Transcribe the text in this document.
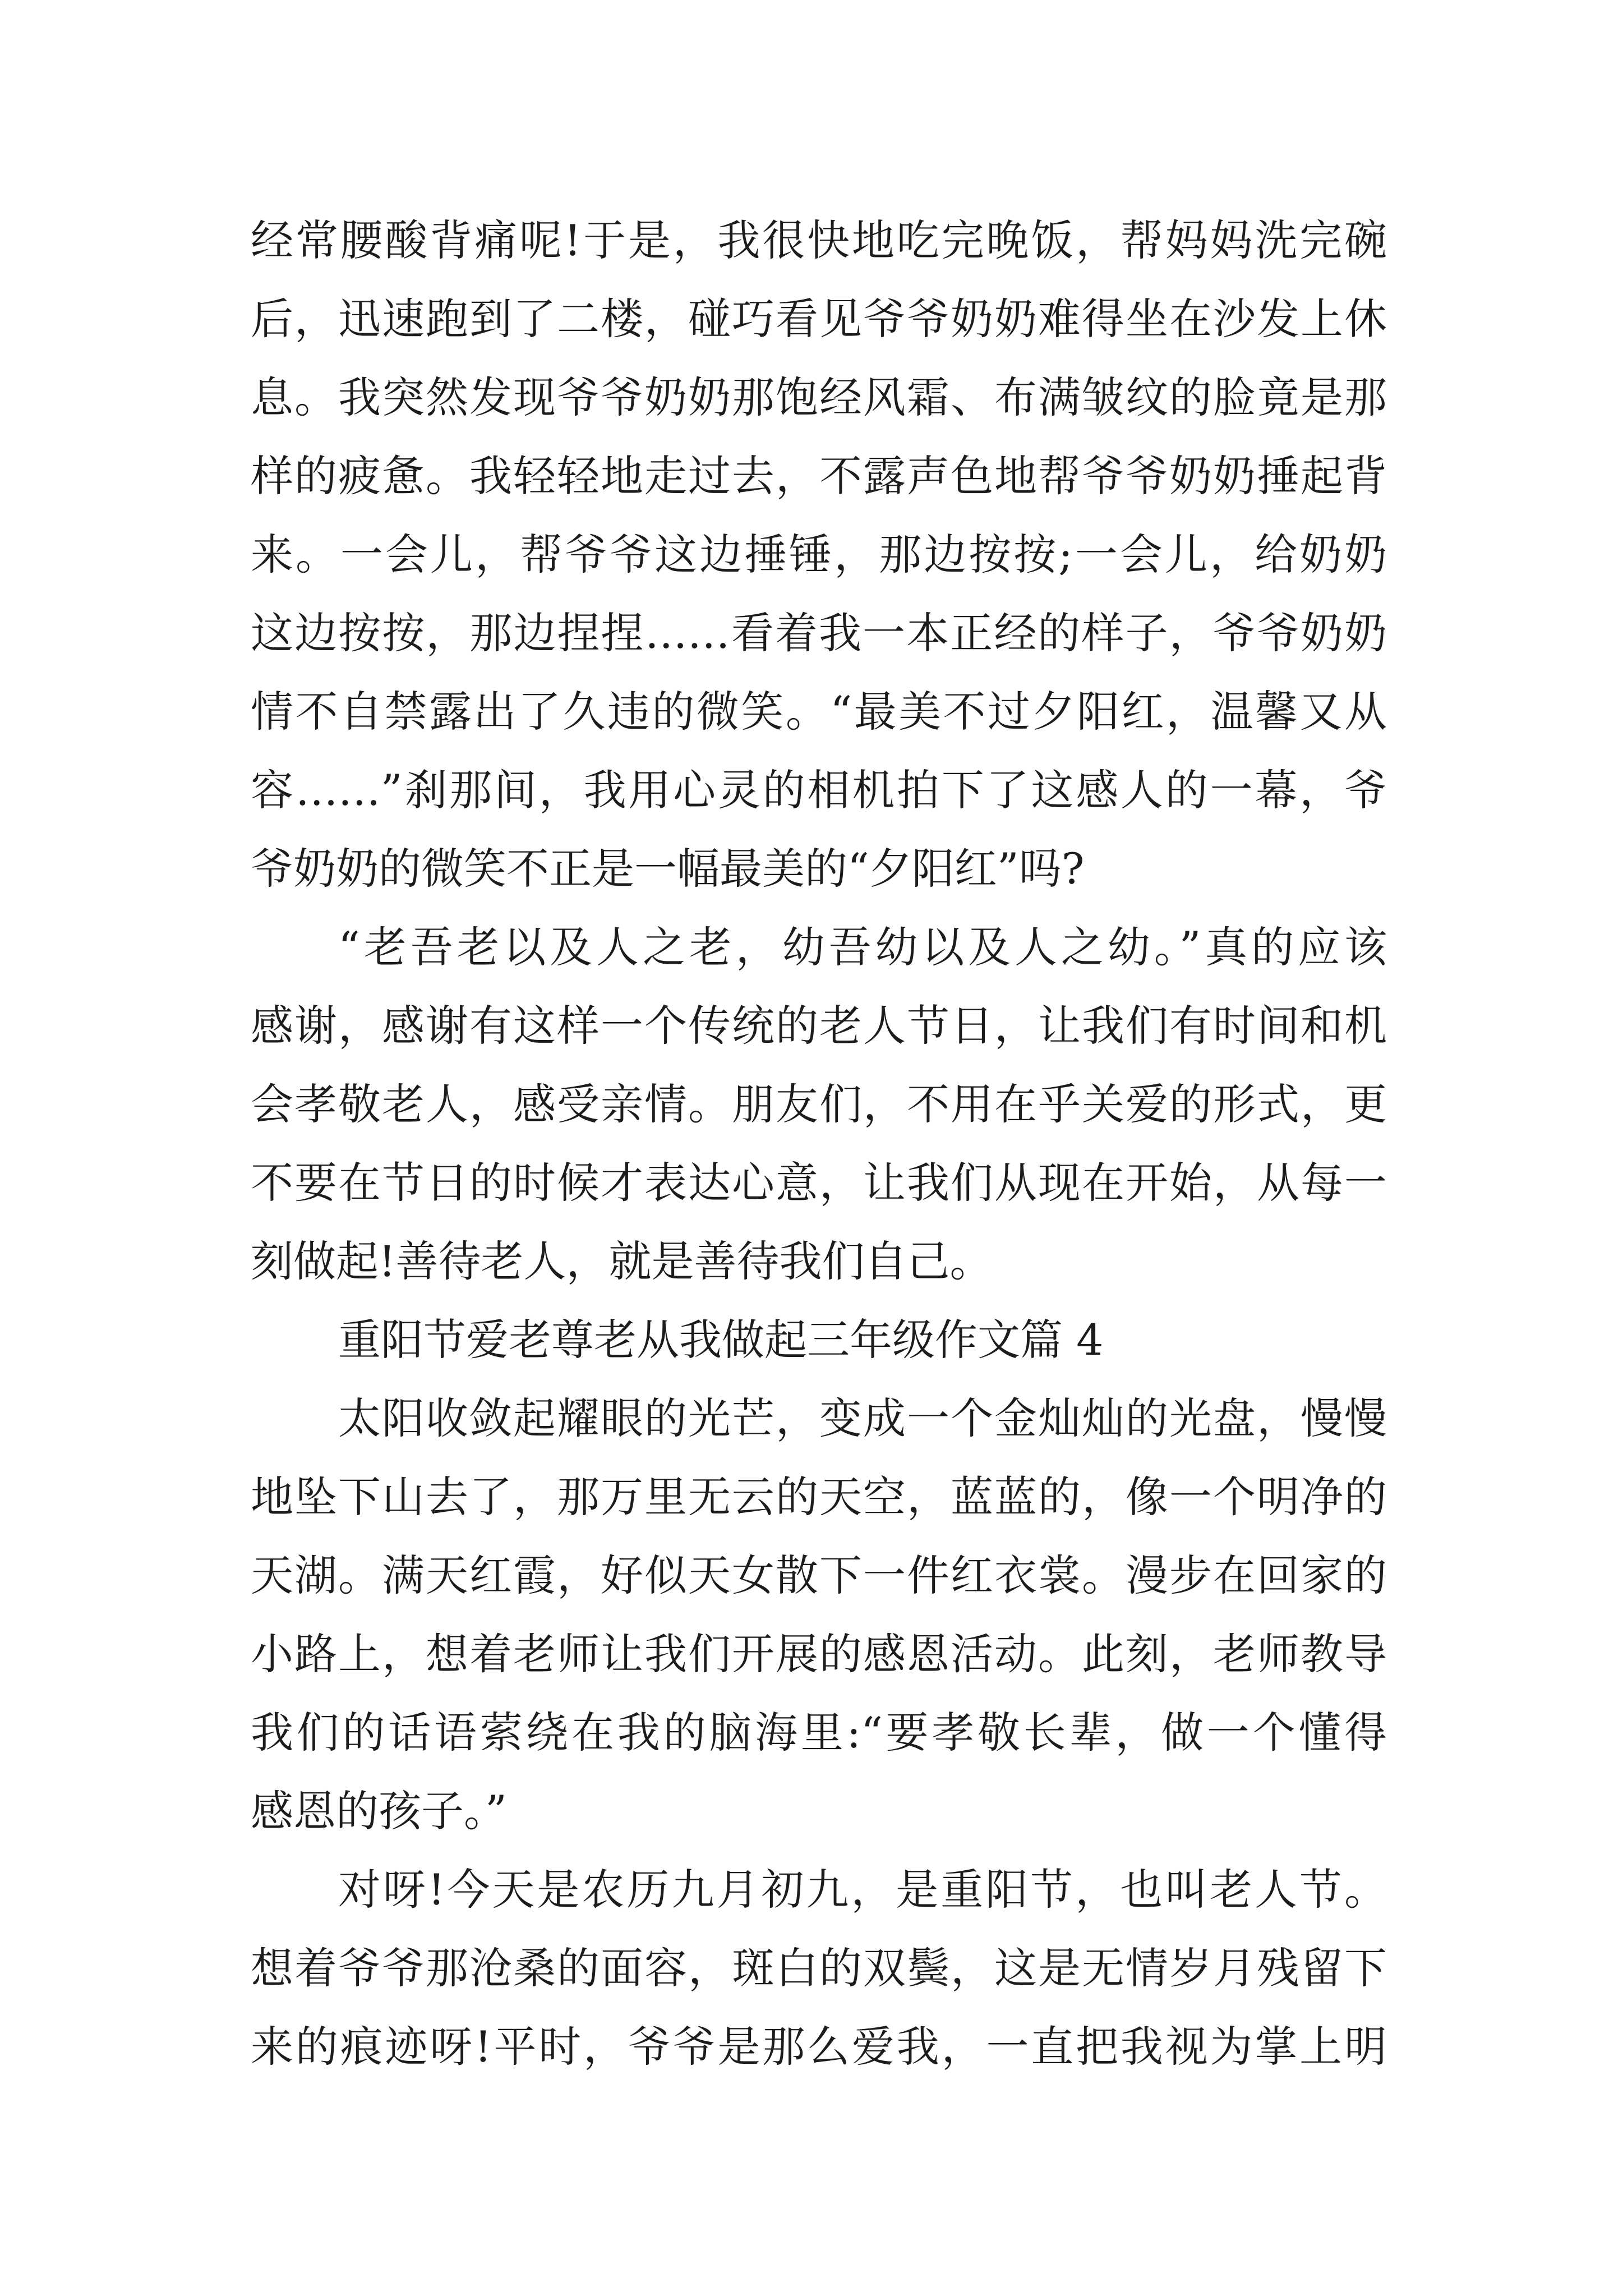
经常腰酸背痛呢!于是，我很快地吃完晚饭，帮妈妈洗完碗
后，迅速跑到了二楼，碰巧看见爷爷奶奶难得坐在沙发上休
息。我突然发现爷爷奶奶那饱经风霜、布满皱纹的脸竟是那
样的疲惫。我轻轻地走过去，不露声色地帮爷爷奶奶捶起背
来。一会儿，帮爷爷这边捶锤，那边按按;一会儿，给奶奶
这边按按，那边捏捏……看着我一本正经的样子，爷爷奶奶
情不自禁露出了久违的微笑。“最美不过夕阳红，温馨又从
容……”刹那间，我用心灵的相机拍下了这感人的一幕，爷
爷奶奶的微笑不正是一幅最美的“夕阳红”吗?
“老吾老以及人之老，幼吾幼以及人之幼。”真的应该
感谢，感谢有这样一个传统的老人节日，让我们有时间和机
会孝敬老人，感受亲情。朋友们，不用在乎关爱的形式，更
不要在节日的时候才表达心意，让我们从现在开始，从每一
刻做起!善待老人，就是善待我们自己。
重阳节爱老尊老从我做起三年级作文篇 4
太阳收敛起耀眼的光芒，变成一个金灿灿的光盘，慢慢
地坠下山去了，那万里无云的天空，蓝蓝的，像一个明净的
天湖。满天红霞，好似天女散下一件红衣裳。漫步在回家的
小路上，想着老师让我们开展的感恩活动。此刻，老师教导
我们的话语萦绕在我的脑海里:“要孝敬长辈，做一个懂得
感恩的孩子。”
对呀!今天是农历九月初九，是重阳节，也叫老人节。
想着爷爷那沧桑的面容，斑白的双鬓，这是无情岁月残留下
来的痕迹呀!平时，爷爷是那么爱我，一直把我视为掌上明
